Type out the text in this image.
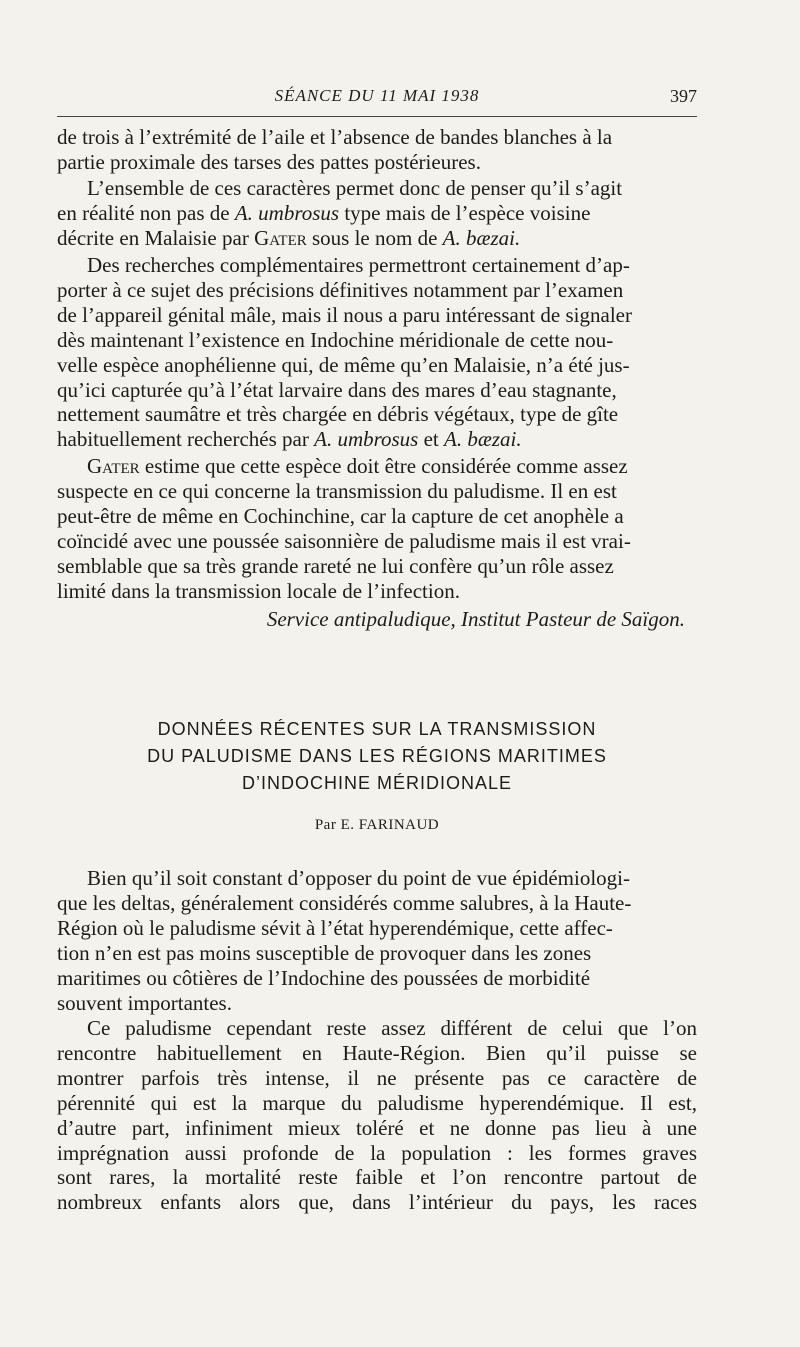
SÉANCE DU 11 MAI 1938	397
de trois à l’extrémité de l’aile et l’absence de bandes blanches à la
partie proximale des tarses des pattes postérieures.
L’ensemble de ces caractères permet donc de penser qu’il s’agit
en réalité non pas de A. umbrosus type mais de l’espèce voisine
décrite en Malaisie par Gater sous le nom de A. bæzai.
Des recherches complémentaires permettront certainement d’ap-
porter à ce sujet des précisions définitives notamment par l’examen
de l’appareil génital mâle, mais il nous a paru intéressant de signaler
dès maintenant l’existence en Indochine méridionale de cette nou-
velle espèce anophélienne qui, de même qu’en Malaisie, n’a été jus-
qu’ici capturée qu’à l’état larvaire dans des mares d’eau stagnante,
nettement saumâtre et très chargée en débris végétaux, type de gîte
habituellement recherchés par A. umbrosus et A. bæzai.
Gater estime que cette espèce doit être considérée comme assez
suspecte en ce qui concerne la transmission du paludisme. Il en est
peut-être de même en Cochinchine, car la capture de cet anophèle a
coïncidé avec une poussée saisonnière de paludisme mais il est vrai-
semblable que sa très grande rareté ne lui confère qu’un rôle assez
limité dans la transmission locale de l’infection.
Service antipaludique, Institut Pasteur de Saïgon.
DONNÉES RÉCENTES SUR LA TRANSMISSION
DU PALUDISME DANS LES RÉGIONS MARITIMES
D’INDOCHINE MÉRIDIONALE
Par E. FARINAUD
Bien qu’il soit constant d’opposer du point de vue épidémiologi-
que les deltas, généralement considérés comme salubres, à la Haute-
Région où le paludisme sévit à l’état hyperendémique, cette affec-
tion n’en est pas moins susceptible de provoquer dans les zones
maritimes ou côtières de l’Indochine des poussées de morbidité
souvent importantes.
Ce paludisme cependant reste assez différent de celui que l’on
rencontre habituellement en Haute-Région. Bien qu’il puisse se
montrer parfois très intense, il ne présente pas ce caractère de
pérennité qui est la marque du paludisme hyperendémique. Il est,
d’autre part, infiniment mieux toléré et ne donne pas lieu à une
imprégnation aussi profonde de la population : les formes graves
sont rares, la mortalité reste faible et l’on rencontre partout de
nombreux enfants alors que, dans l’intérieur du pays, les races
